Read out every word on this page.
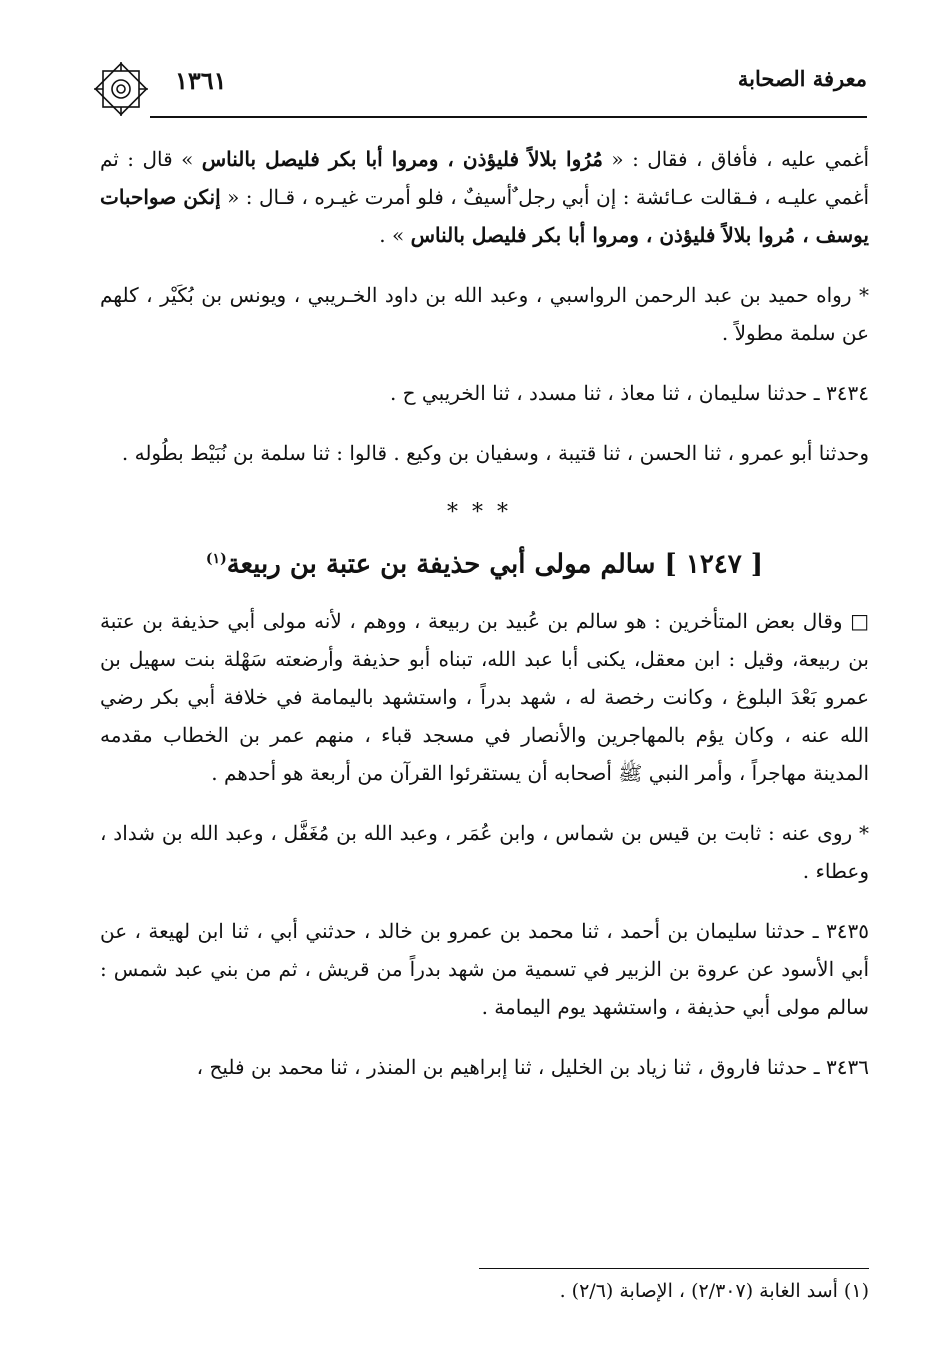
١٣٦١	معرفة الصحابة

أغمي عليه ، فأفاق ، فقال : « مُرُوا بلالاً فليؤذن ، ومروا أبا بكر فليصل بالناس » قال : ثم أغمي عليـه ، فـقالت عـائشة : إن أبي رجل ٌأسيفٌ ، فلو أمرت غيـره ، قـال : « إنكن صواحبات يوسف ، مُروا بلالاً فليؤذن ، ومروا أبا بكر فليصل بالناس » .

* رواه حميد بن عبد الرحمن الرواسبي ، وعبد الله بن داود الخـريبي ، ويونس بن بُكَيْر ، كلهم عن سلمة مطولاً .

٣٤٣٤ ـ حدثنا سليمان ، ثنا معاذ ، ثنا مسدد ، ثنا الخريبي ح .

وحدثنا أبو عمرو ، ثنا الحسن ، ثنا قتيبة ، وسفيان بن وكيع . قالوا : ثنا سلمة بن نُبَيْط بطُوله .

***
[ ١٢٤٧ ] سالم مولى أبي حذيفة بن عتبة بن ربيعة$^{(١)}$

□ وقال بعض المتأخرين : هو سالم بن عُبيد بن ربيعة ، ووهم ، لأنه مولى أبي حذيفة بن عتبة بن ربيعة، وقيل : ابن معقل، يكنى أبا عبد الله، تبناه أبو حذيفة وأرضعته سَهْلة بنت سهيل بن عمرو بَعْدَ البلوغ ، وكانت رخصة له ، شهد بدراً ، واستشهد باليمامة في خلافة أبي بكر رضي الله عنه ، وكان يؤم بالمهاجرين والأنصار في مسجد قباء ، منهم عمر بن الخطاب مقدمه المدينة مهاجراً ، وأمر النبي ﷺ أصحابه أن يستقرئوا القرآن من أربعة هو أحدهم .

* روى عنه : ثابت بن قيس بن شماس ، وابن عُمَر ، وعبد الله بن مُغَفَّل ، وعبد الله بن شداد ، وعطاء .

٣٤٣٥ ـ حدثنا سليمان بن أحمد ، ثنا محمد بن عمرو بن خالد ، حدثني أبي ، ثنا ابن لهيعة ، عن أبي الأسود عن عروة بن الزبير في تسمية من شهد بدراً من قريش ، ثم من بني عبد شمس : سالم مولى أبي حذيفة ، واستشهد يوم اليمامة .

٣٤٣٦ ـ حدثنا فاروق ، ثنا زياد بن الخليل ، ثنا إبراهيم بن المنذر ، ثنا محمد بن فليح ،

(١) أسد الغابة (٢/٣٠٧) ، الإصابة (٢/٦) .
